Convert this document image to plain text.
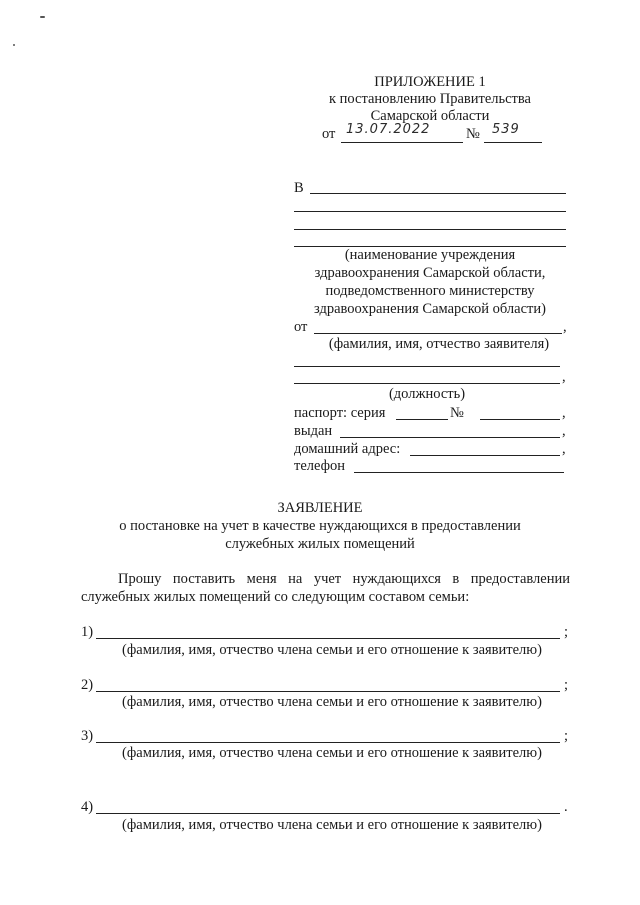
ПРИЛОЖЕНИЕ 1
к постановлению Правительства
Самарской области
от 13.07.2022 № 539
В
(наименование учреждения
здравоохранения Самарской области,
подведомственного министерству
здравоохранения Самарской области)
от	,
(фамилия, имя, отчество заявителя)
,
(должность)
паспорт: серия	№	,
выдан	,
домашний адрес:	,
телефон
ЗАЯВЛЕНИЕ
о постановке на учет в качестве нуждающихся в предоставлении
служебных жилых помещений
Прошу поставить меня на учет нуждающихся в предоставлении
служебных жилых помещений со следующим составом семьи:
1)	;
(фамилия, имя, отчество члена семьи и его отношение к заявителю)
2)	;
(фамилия, имя, отчество члена семьи и его отношение к заявителю)
3)	;
(фамилия, имя, отчество члена семьи и его отношение к заявителю)
4)	.
(фамилия, имя, отчество члена семьи и его отношение к заявителю)
